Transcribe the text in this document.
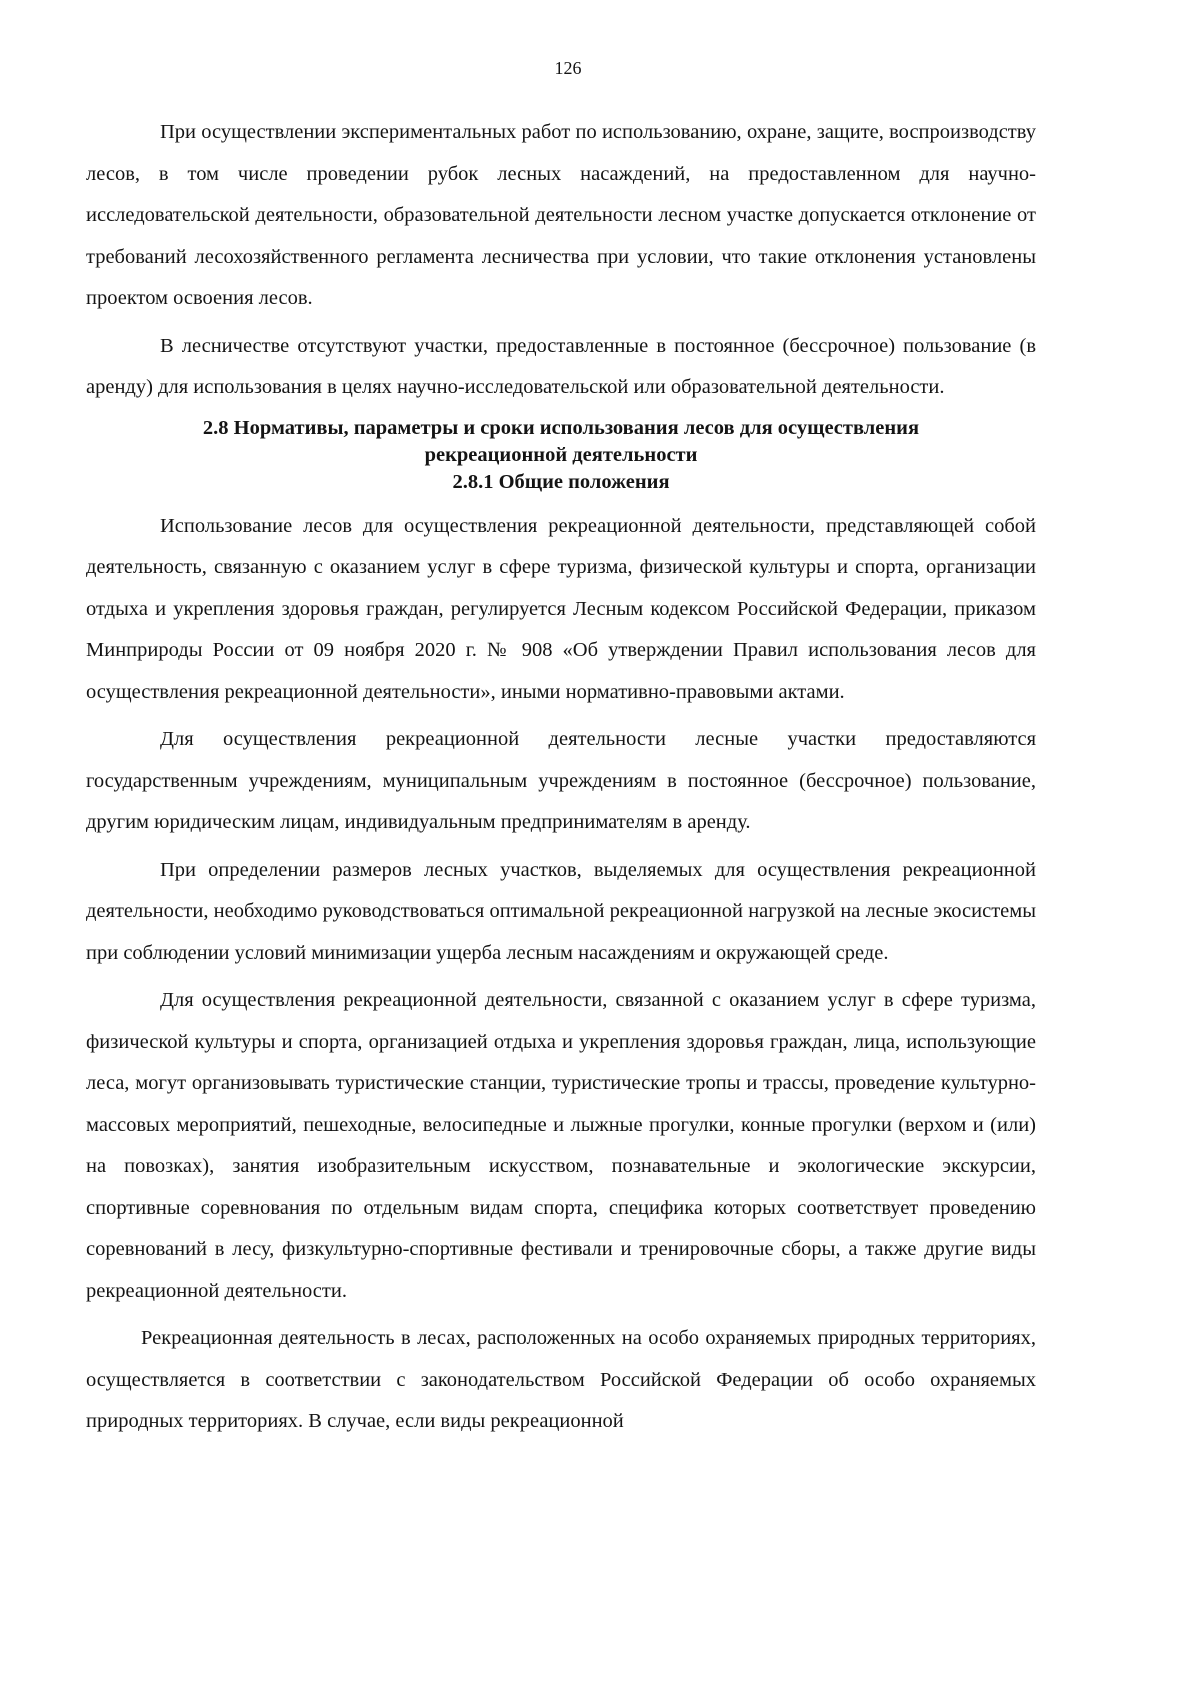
126

При осуществлении экспериментальных работ по использованию, охране, защите, воспроизводству лесов, в том числе проведении рубок лесных насаждений, на предоставленном для научно-исследовательской деятельности, образовательной деятельности лесном участке допускается отклонение от требований лесохозяйственного регламента лесничества при условии, что такие отклонения установлены проектом освоения лесов.

В лесничестве отсутствуют участки, предоставленные в постоянное (бессрочное) пользование (в аренду) для использования в целях научно-исследовательской или образовательной деятельности.

2.8 Нормативы, параметры и сроки использования лесов для осуществления

рекреационной деятельности

2.8.1 Общие положения

Использование лесов для осуществления рекреационной деятельности, представляющей собой деятельность, связанную с оказанием услуг в сфере туризма, физической культуры и спорта, организации отдыха и укрепления здоровья граждан, регулируется Лесным кодексом Российской Федерации, приказом Минприроды России от 09 ноября 2020 г. № 908 «Об утверждении Правил использования лесов для осуществления рекреационной деятельности», иными нормативно-правовыми актами.

Для осуществления рекреационной деятельности лесные участки предоставляются государственным учреждениям, муниципальным учреждениям в постоянное (бессрочное) пользование, другим юридическим лицам, индивидуальным предпринимателям в аренду.

При определении размеров лесных участков, выделяемых для осуществления рекреационной деятельности, необходимо руководствоваться оптимальной рекреационной нагрузкой на лесные экосистемы при соблюдении условий минимизации ущерба лесным насаждениям и окружающей среде.

Для осуществления рекреационной деятельности, связанной с оказанием услуг в сфере туризма, физической культуры и спорта, организацией отдыха и укрепления здоровья граждан, лица, использующие леса, могут организовывать туристические станции, туристические тропы и трассы, проведение культурно-массовых мероприятий, пешеходные, велосипедные и лыжные прогулки, конные прогулки (верхом и (или) на повозках), занятия изобразительным искусством, познавательные и экологические экскурсии, спортивные соревнования по отдельным видам спорта, специфика которых соответствует проведению соревнований в лесу, физкультурно-спортивные фестивали и тренировочные сборы, а также другие виды рекреационной деятельности.

Рекреационная деятельность в лесах, расположенных на особо охраняемых природных территориях, осуществляется в соответствии с законодательством Российской Федерации об особо охраняемых природных территориях. В случае, если виды рекреационной
